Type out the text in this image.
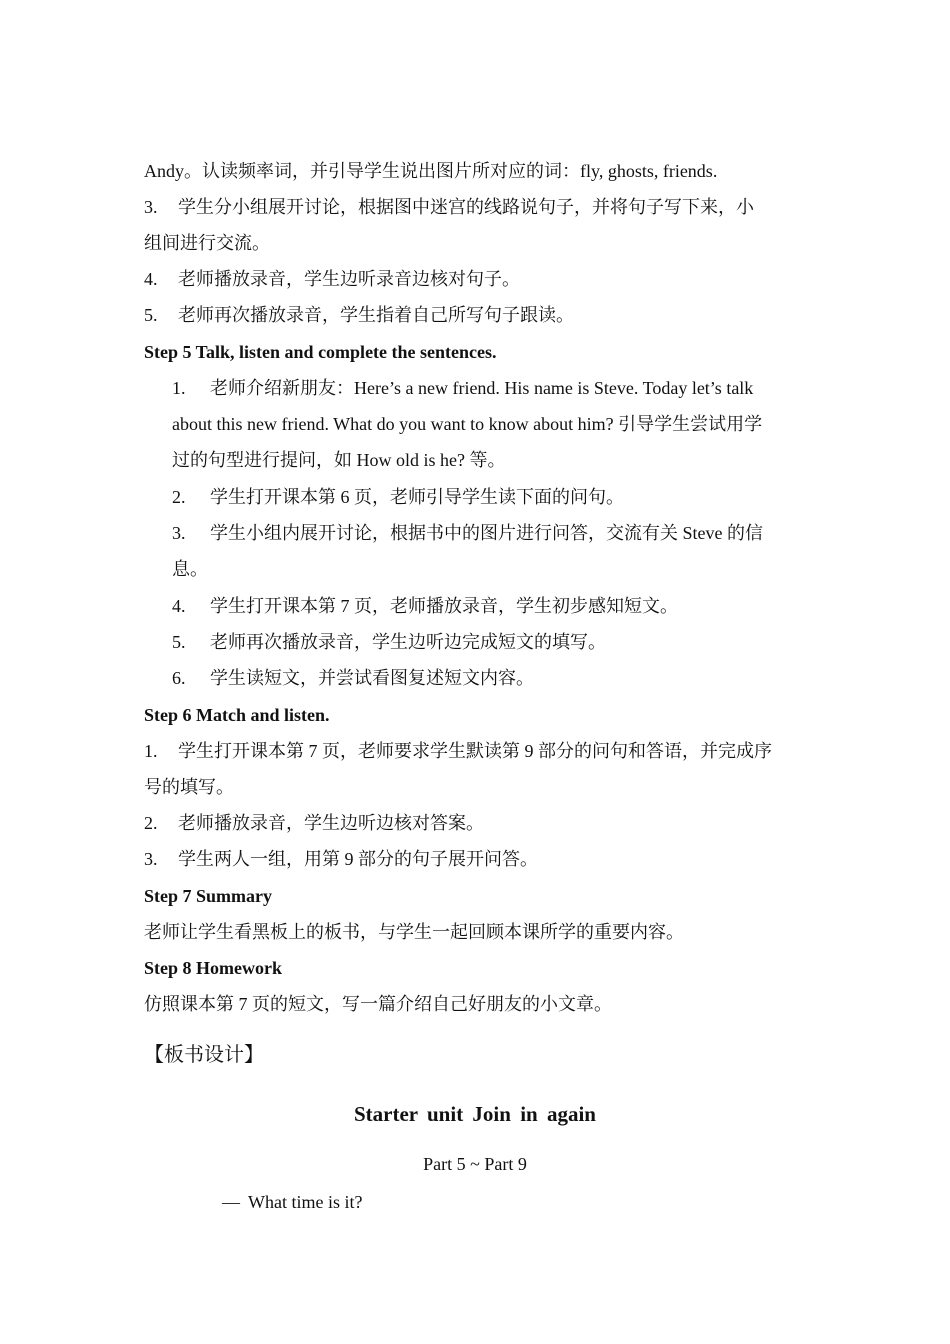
Andy。认读频率词，并引导学生说出图片所对应的词：fly, ghosts, friends.
3. 学生分小组展开讨论，根据图中迷宫的线路说句子，并将句子写下来，小
组间进行交流。
4. 老师播放录音，学生边听录音边核对句子。
5. 老师再次播放录音，学生指着自己所写句子跟读。
Step 5 Talk, listen and complete the sentences.
1. 老师介绍新朋友：Here’s a new friend. His name is Steve. Today let’s talk
about this new friend. What do you want to know about him? 引导学生尝试用学
过的句型进行提问，如 How old is he? 等。
2. 学生打开课本第 6 页，老师引导学生读下面的问句。
3. 学生小组内展开讨论，根据书中的图片进行问答，交流有关 Steve 的信
息。
4. 学生打开课本第 7 页，老师播放录音，学生初步感知短文。
5. 老师再次播放录音，学生边听边完成短文的填写。
6. 学生读短文，并尝试看图复述短文内容。
Step 6 Match and listen.
1. 学生打开课本第 7 页，老师要求学生默读第 9 部分的问句和答语，并完成序
号的填写。
2. 老师播放录音，学生边听边核对答案。
3. 学生两人一组，用第 9 部分的句子展开问答。
Step 7 Summary
老师让学生看黑板上的板书，与学生一起回顾本课所学的重要内容。
Step 8 Homework
仿照课本第 7 页的短文，写一篇介绍自己好朋友的小文章。
【板书设计】
Starter unit Join in again
Part 5 ~ Part 9
— What time is it?
